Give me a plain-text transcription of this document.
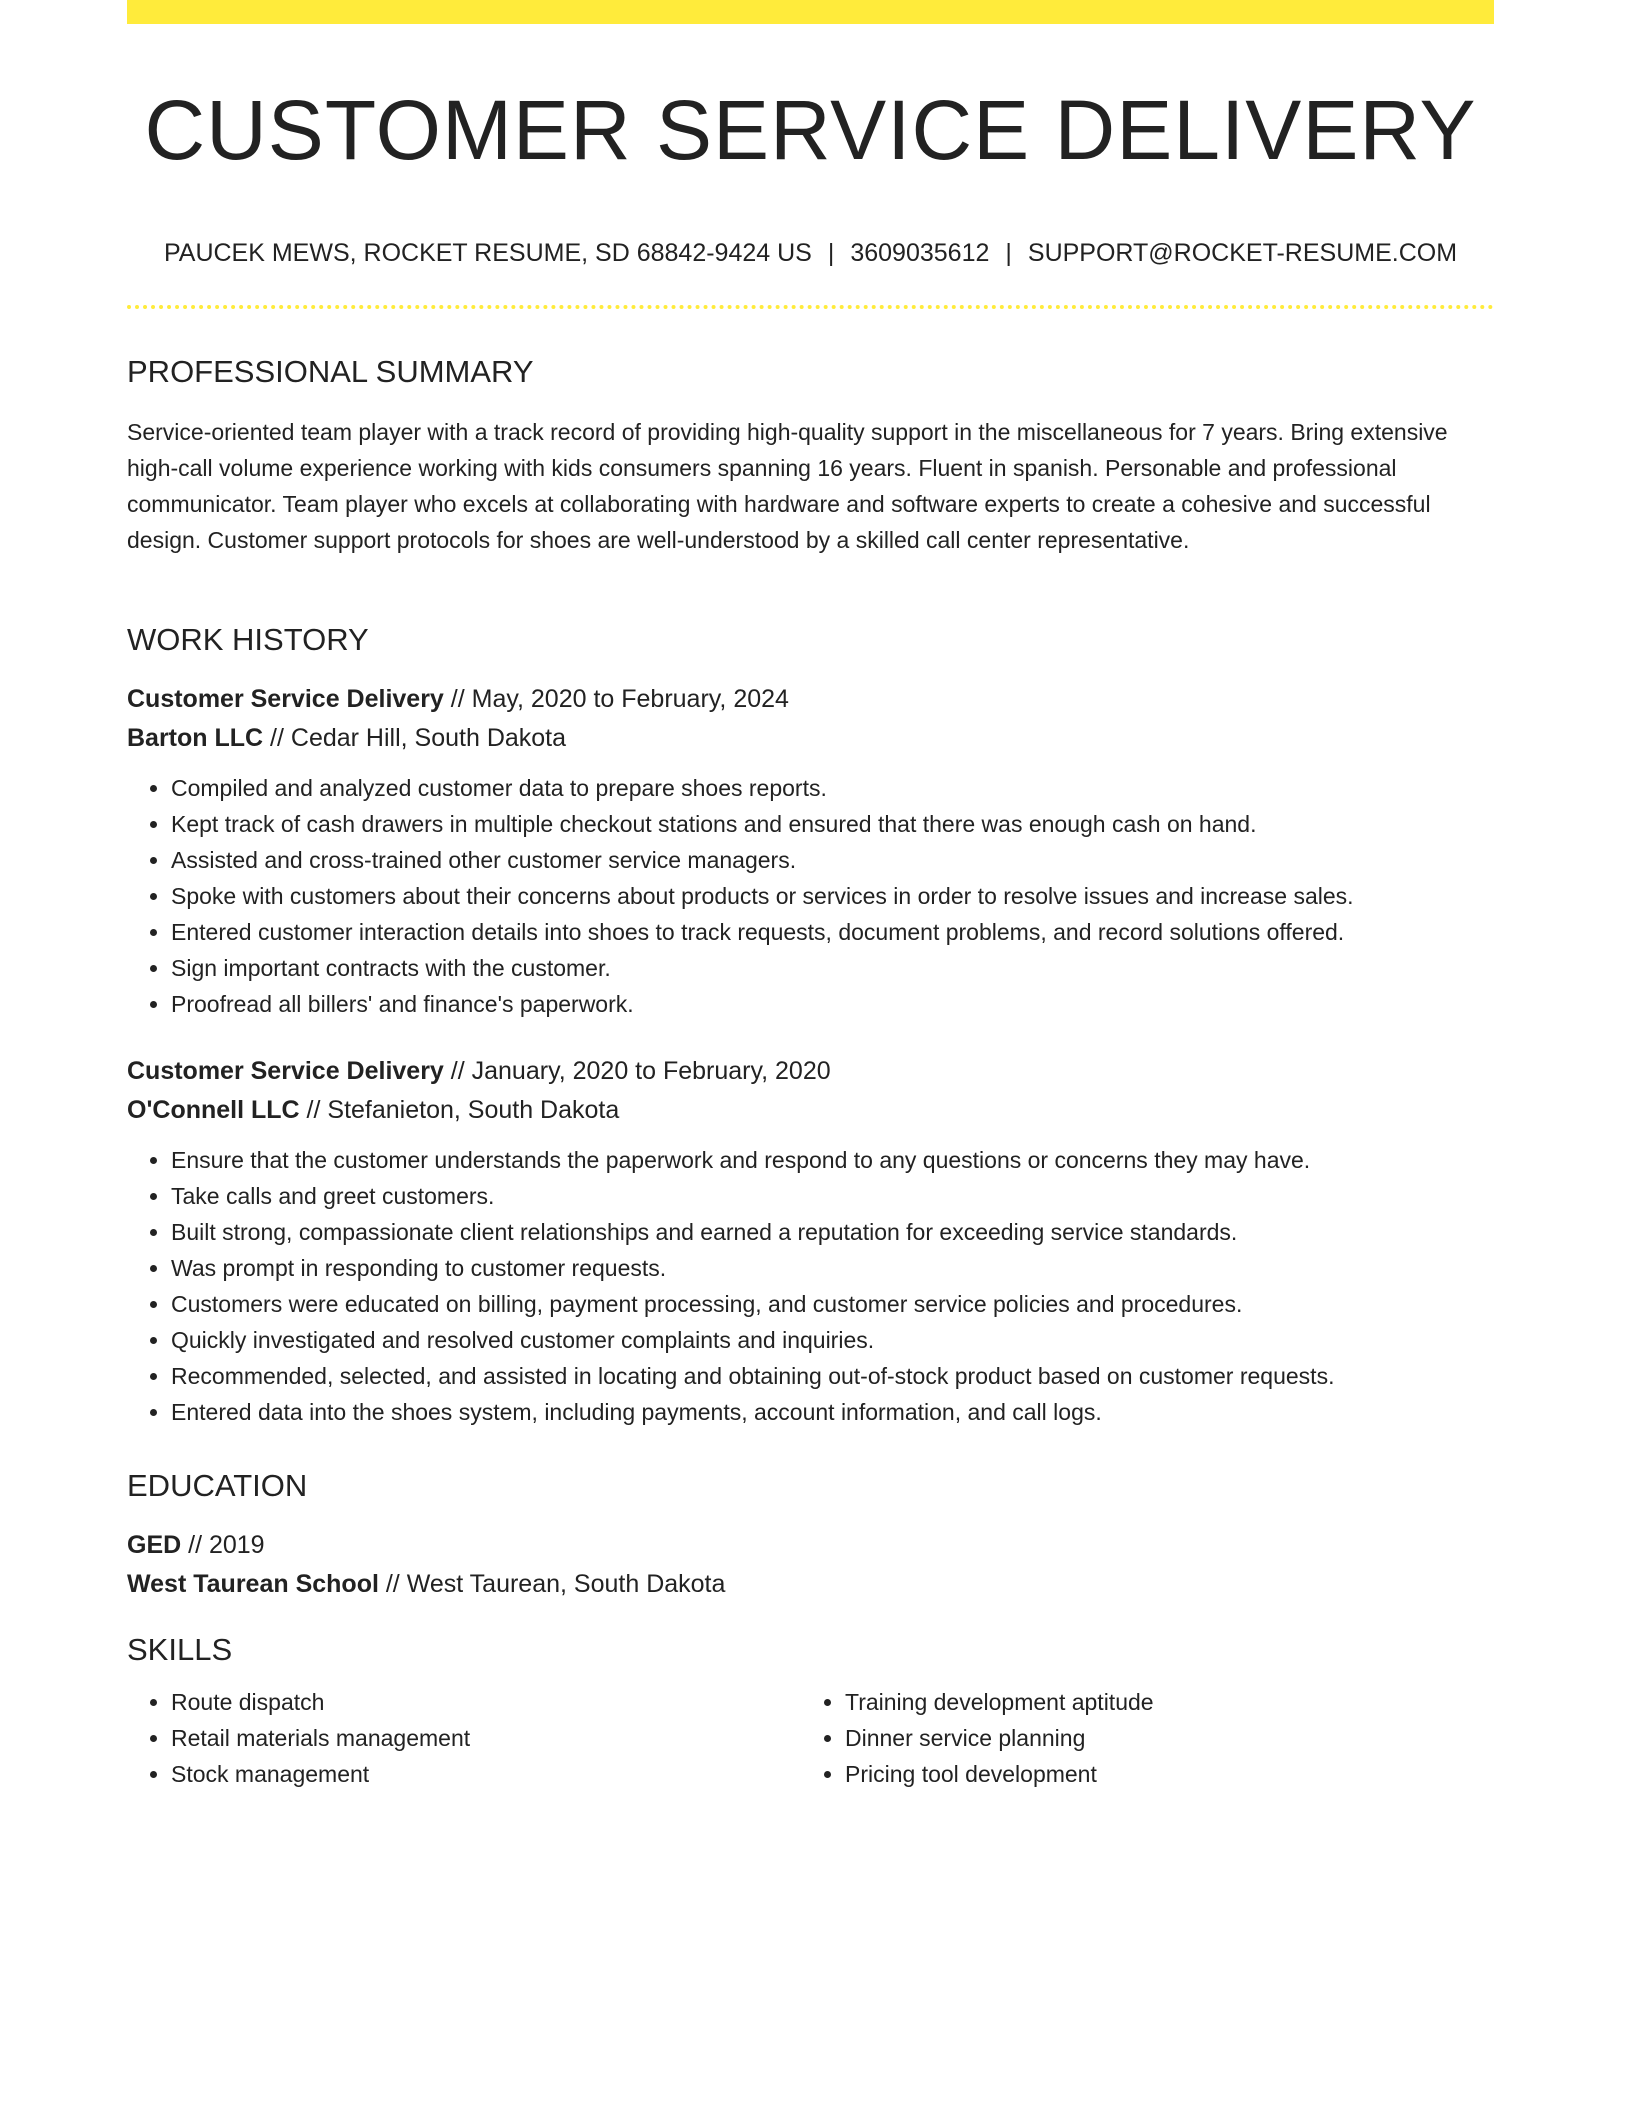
CUSTOMER SERVICE DELIVERY
PAUCEK MEWS, ROCKET RESUME, SD 68842-9424 US | 3609035612 | SUPPORT@ROCKET-RESUME.COM
PROFESSIONAL SUMMARY

Service-oriented team player with a track record of providing high-quality support in the miscellaneous for 7 years. Bring extensive high-call volume experience working with kids consumers spanning 16 years. Fluent in spanish. Personable and professional communicator. Team player who excels at collaborating with hardware and software experts to create a cohesive and successful design. Customer support protocols for shoes are well-understood by a skilled call center representative.

WORK HISTORY
Customer Service Delivery // May, 2020 to February, 2024
Barton LLC // Cedar Hill, South Dakota
• Compiled and analyzed customer data to prepare shoes reports.
• Kept track of cash drawers in multiple checkout stations and ensured that there was enough cash on hand.
• Assisted and cross-trained other customer service managers.
• Spoke with customers about their concerns about products or services in order to resolve issues and increase sales.
• Entered customer interaction details into shoes to track requests, document problems, and record solutions offered.
• Sign important contracts with the customer.
• Proofread all billers' and finance's paperwork.
Customer Service Delivery // January, 2020 to February, 2020
O'Connell LLC // Stefanieton, South Dakota
• Ensure that the customer understands the paperwork and respond to any questions or concerns they may have.
• Take calls and greet customers.
• Built strong, compassionate client relationships and earned a reputation for exceeding service standards.
• Was prompt in responding to customer requests.
• Customers were educated on billing, payment processing, and customer service policies and procedures.
• Quickly investigated and resolved customer complaints and inquiries.
• Recommended, selected, and assisted in locating and obtaining out-of-stock product based on customer requests.
• Entered data into the shoes system, including payments, account information, and call logs.
EDUCATION
GED // 2019
West Taurean School // West Taurean, South Dakota
SKILLS
• Route dispatch
• Retail materials management
• Stock management
• Training development aptitude
• Dinner service planning
• Pricing tool development
